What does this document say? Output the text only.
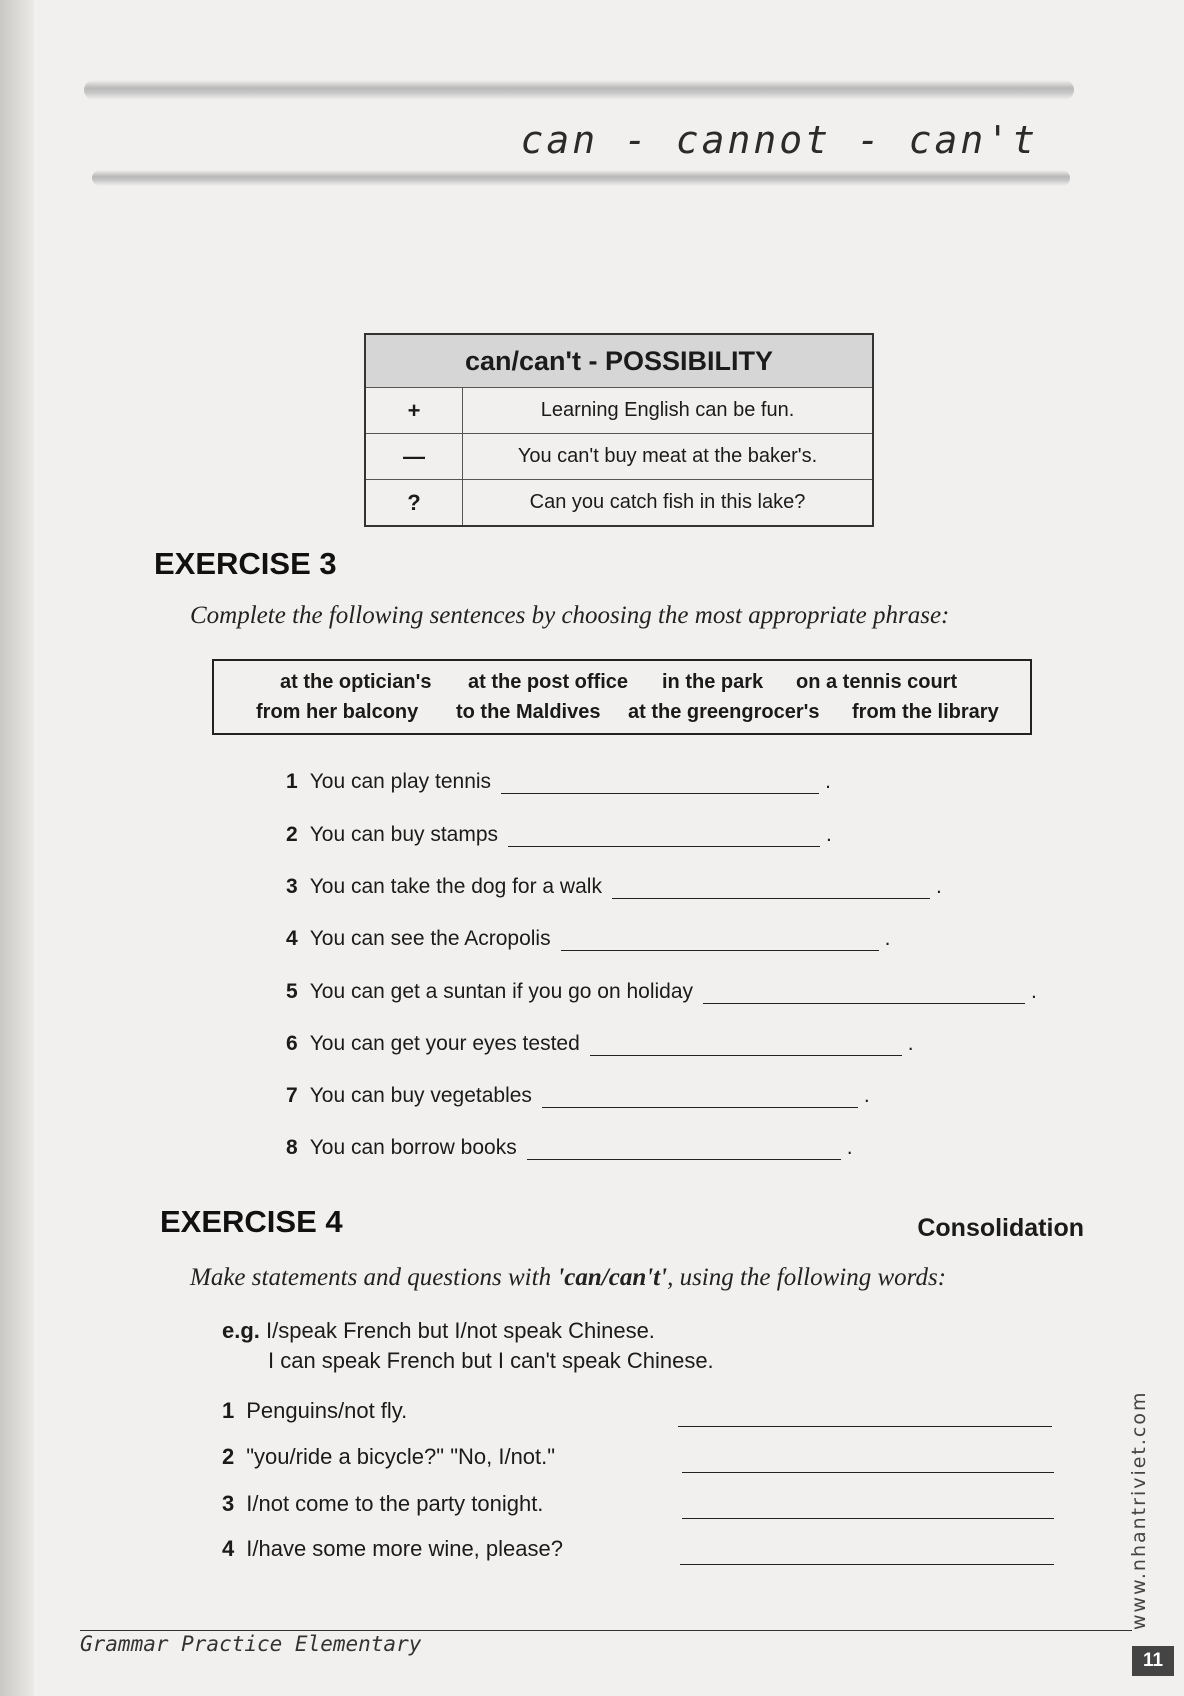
can - cannot - can't
can/can't - POSSIBILITY	
+	Learning English can be fun.
—	You can't buy meat at the baker's.
?	Can you catch fish in this lake?
EXERCISE 3
Complete the following sentences by choosing the most appropriate phrase:
at the optician's at the post office in the park on a tennis court
from her balcony to the Maldives at the greengrocer's from the library
1 You can play tennis	.
2 You can buy stamps	.
3 You can take the dog for a walk	.
4 You can see the Acropolis	.
5 You can get a suntan if you go on holiday	.
6 You can get your eyes tested	.
7 You can buy vegetables	.
8 You can borrow books	.
EXERCISE 4	Consolidation
Make statements and questions with 'can/can't', using the following words:
e.g. I/speak French but I/not speak Chinese.
I can speak French but I can't speak Chinese.
1 Penguins/not fly.
2 "you/ride a bicycle?" "No, I/not."
3 I/not come to the party tonight.
4 I/have some more wine, please?	www.nhantriviet.com
Grammar Practice Elementary
11
